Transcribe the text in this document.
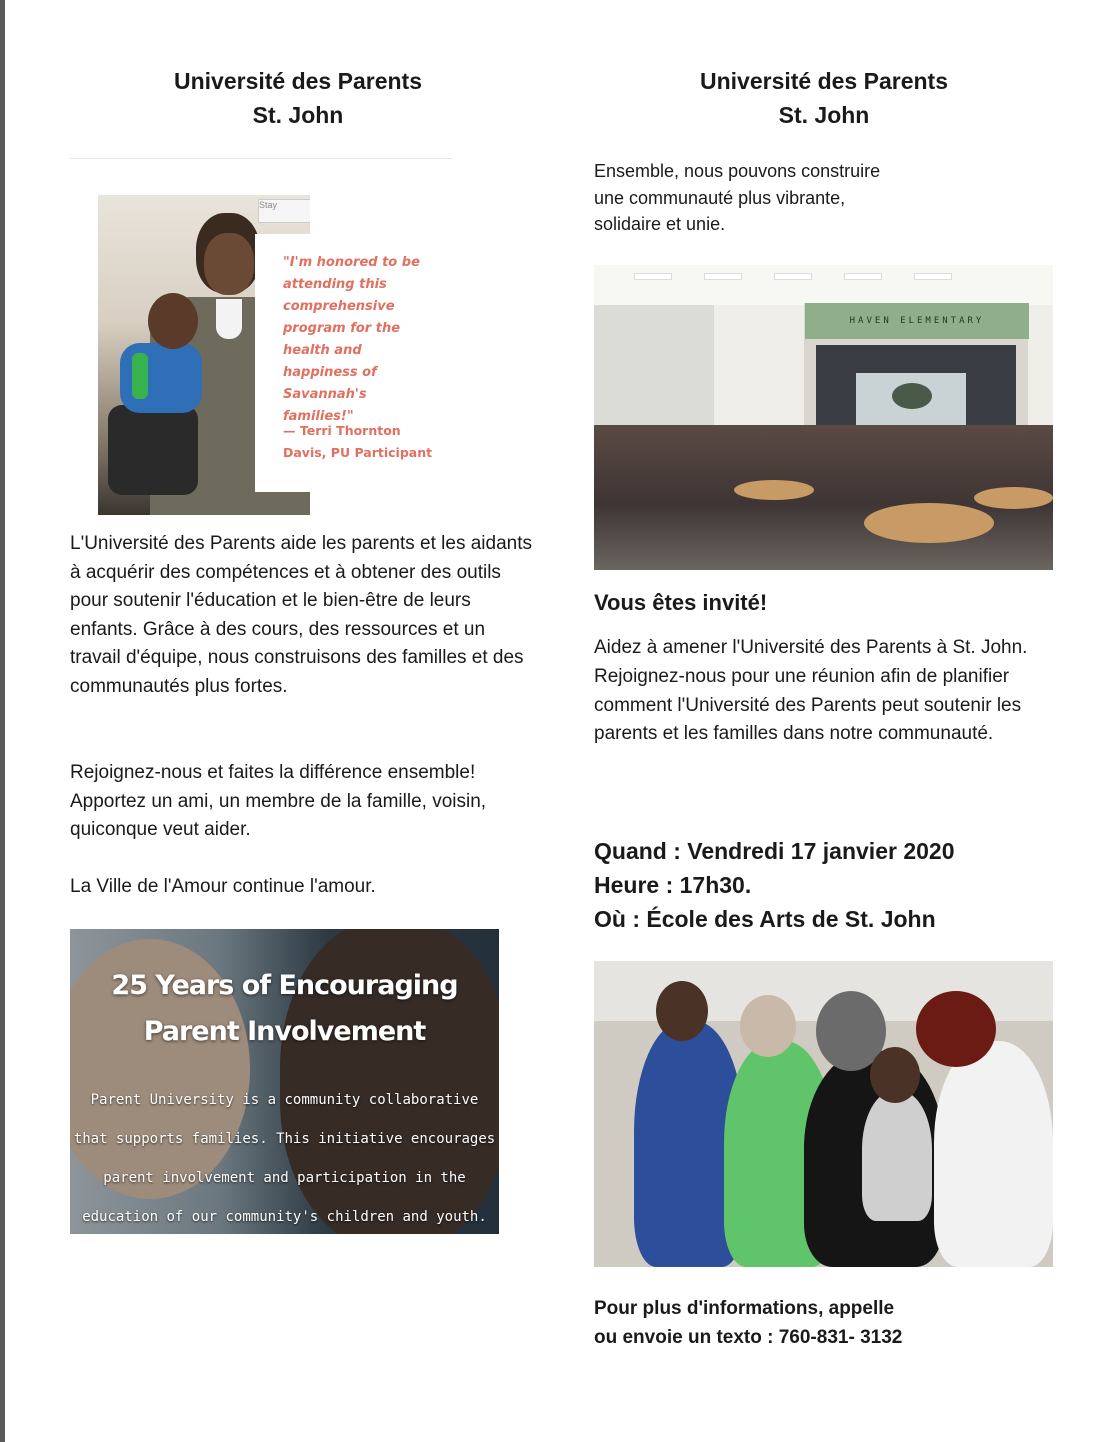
Université des Parents
St. John
Stay
"I'm honored to be attending this comprehensive program for the health and happiness of Savannah's families!"
— Terri Thornton Davis, PU Participant

L'Université des Parents aide les parents et les aidants à acquérir des compétences et à obtener des outils pour soutenir l'éducation et le bien-être de leurs enfants. Grâce à des cours, des ressources et un travail d'équipe, nous construisons des familles et des communautés plus fortes.

Rejoignez-nous et faites la différence ensemble! Apportez un ami, un membre de la famille, voisin, quiconque veut aider.

La Ville de l'Amour continue l'amour.

25 Years of Encouraging Parent Involvement
Parent University is a community collaborative that supports families. This initiative encourages parent involvement and participation in the education of our community's children and youth.
Université des Parents
St. John

Ensemble, nous pouvons construire une communauté plus vibrante, solidaire et unie.

HAVEN ELEMENTARY
Vous êtes invité!

Aidez à amener l'Université des Parents à St. John.
Rejoignez-nous pour une réunion afin de planifier comment l'Université des Parents peut soutenir les parents et les familles dans notre communauté.

Quand : Vendredi 17 janvier 2020
Heure : 17h30.
Où : École des Arts de St. John
Pour plus d'informations, appelle
ou envoie un texto : 760-831- 3132
